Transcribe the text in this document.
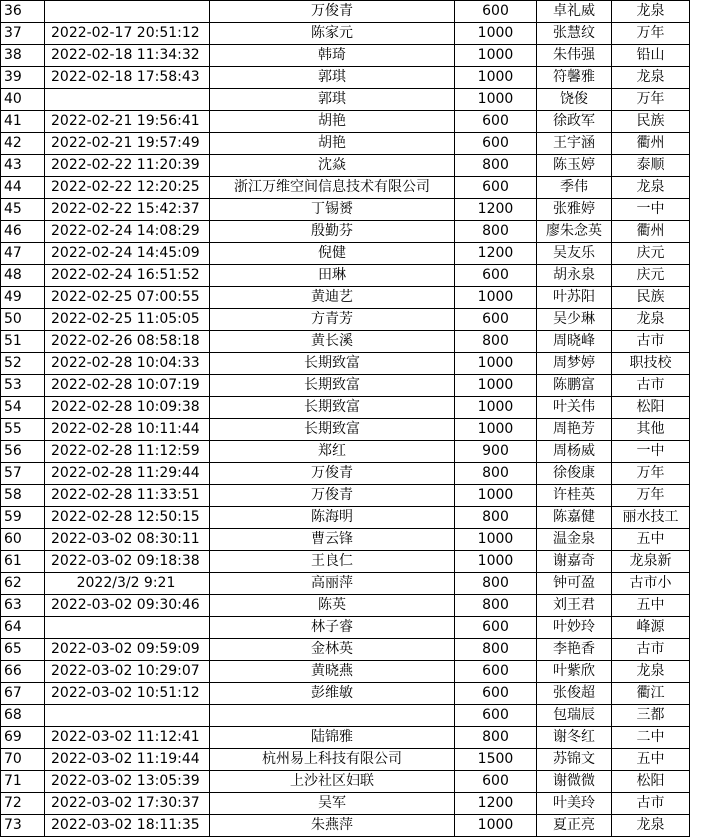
36		万俊青	600	卓礼威	龙泉
37	2022-02-17 20:51:12	陈家元	1000	张慧纹	万年
38	2022-02-18 11:34:32	韩琦	1000	朱伟强	铅山
39	2022-02-18 17:58:43	郭琪	1000	符馨雅	龙泉
40		郭琪	1000	饶俊	万年
41	2022-02-21 19:56:41	胡艳	600	徐政军	民族
42	2022-02-21 19:57:49	胡艳	600	王宇涵	衢州
43	2022-02-22 11:20:39	沈焱	800	陈玉婷	泰顺
44	2022-02-22 12:20:25	浙江万维空间信息技术有限公司	600	季伟	龙泉
45	2022-02-22 15:42:37	丁锡赟	1200	张雅婷	一中
46	2022-02-24 14:08:29	殷勤芬	800	廖朱念英	衢州
47	2022-02-24 14:45:09	倪健	1200	吴友乐	庆元
48	2022-02-24 16:51:52	田琳	600	胡永泉	庆元
49	2022-02-25 07:00:55	黄迪艺	1000	叶苏阳	民族
50	2022-02-25 11:05:05	方青芳	600	吴少琳	龙泉
51	2022-02-26 08:58:18	黄长溪	800	周晓峰	古市
52	2022-02-28 10:04:33	长期致富	1000	周梦婷	职技校
53	2022-02-28 10:07:19	长期致富	1000	陈鹏富	古市
54	2022-02-28 10:09:38	长期致富	1000	叶关伟	松阳
55	2022-02-28 10:11:44	长期致富	1000	周艳芳	其他
56	2022-02-28 11:12:59	郑红	900	周杨威	一中
57	2022-02-28 11:29:44	万俊青	800	徐俊康	万年
58	2022-02-28 11:33:51	万俊青	1000	许桂英	万年
59	2022-02-28 12:50:15	陈海明	800	陈嘉健	丽水技工
60	2022-03-02 08:30:11	曹云锋	1000	温金泉	五中
61	2022-03-02 09:18:38	王良仁	1000	谢嘉奇	龙泉新
62	2022/3/2 9:21	高丽萍	800	钟可盈	古市小
63	2022-03-02 09:30:46	陈英	800	刘王君	五中
64		林子睿	600	叶妙玲	峰源
65	2022-03-02 09:59:09	金林英	800	李艳香	古市
66	2022-03-02 10:29:07	黄晓燕	600	叶紫欣	龙泉
67	2022-03-02 10:51:12	彭维敏	600	张俊超	衢江
68			600	包瑞辰	三都
69	2022-03-02 11:12:41	陆锦雅	800	谢冬红	二中
70	2022-03-02 11:19:44	杭州易上科技有限公司	1500	苏锦文	五中
71	2022-03-02 13:05:39	上沙社区妇联	600	谢微微	松阳
72	2022-03-02 17:30:37	吴军	1200	叶美玲	古市
73	2022-03-02 18:11:35	朱燕萍	1000	夏正亮	龙泉
